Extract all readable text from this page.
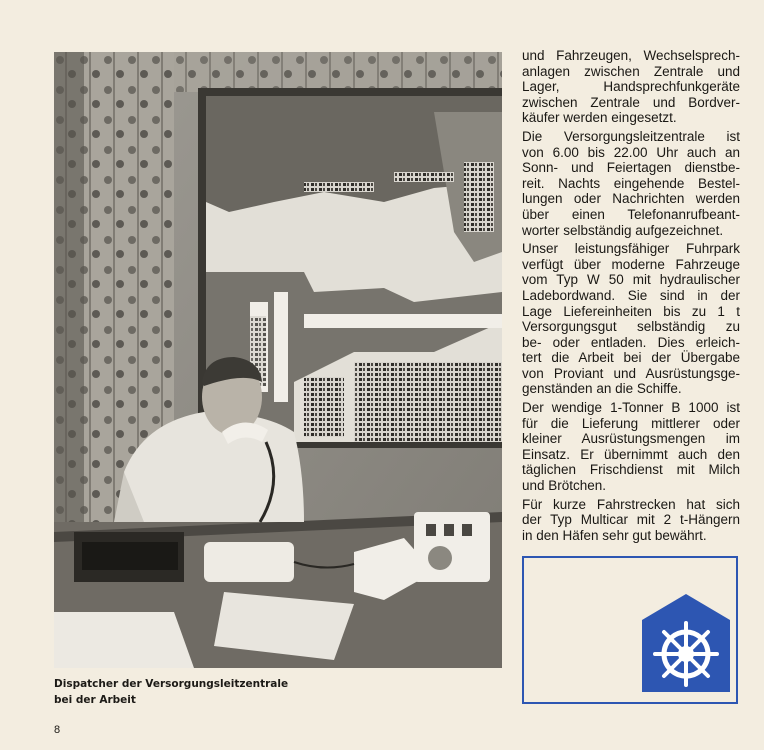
Dispatcher der Versorgungsleitzentrale
bei der Arbeit

und Fahrzeugen, Wechselsprech-
anlagen zwischen Zentrale und
Lager, Handsprechfunkgeräte
zwischen Zentrale und Bordver-
käufer werden eingesetzt.

Die Versorgungsleitzentrale ist
von 6.00 bis 22.00 Uhr auch an
Sonn- und Feiertagen dienstbe-
reit. Nachts eingehende Bestel-
lungen oder Nachrichten werden
über einen Telefonanrufbeant-
worter selbständig aufgezeichnet.

Unser leistungsfähiger Fuhrpark
verfügt über moderne Fahrzeuge
vom Typ W 50 mit hydraulischer
Ladebordwand. Sie sind in der
Lage Liefereinheiten bis zu 1 t
Versorgungsgut selbständig zu
be- oder entladen. Dies erleich-
tert die Arbeit bei der Übergabe
von Proviant und Ausrüstungsge-
genständen an die Schiffe.

Der wendige 1-Tonner B 1000 ist
für die Lieferung mittlerer oder
kleiner Ausrüstungsmengen im
Einsatz. Er übernimmt auch den
täglichen Frischdienst mit Milch
und Brötchen.

Für kurze Fahrstrecken hat sich
der Typ Multicar mit 2 t-Hängern
in den Häfen sehr gut bewährt.

8
